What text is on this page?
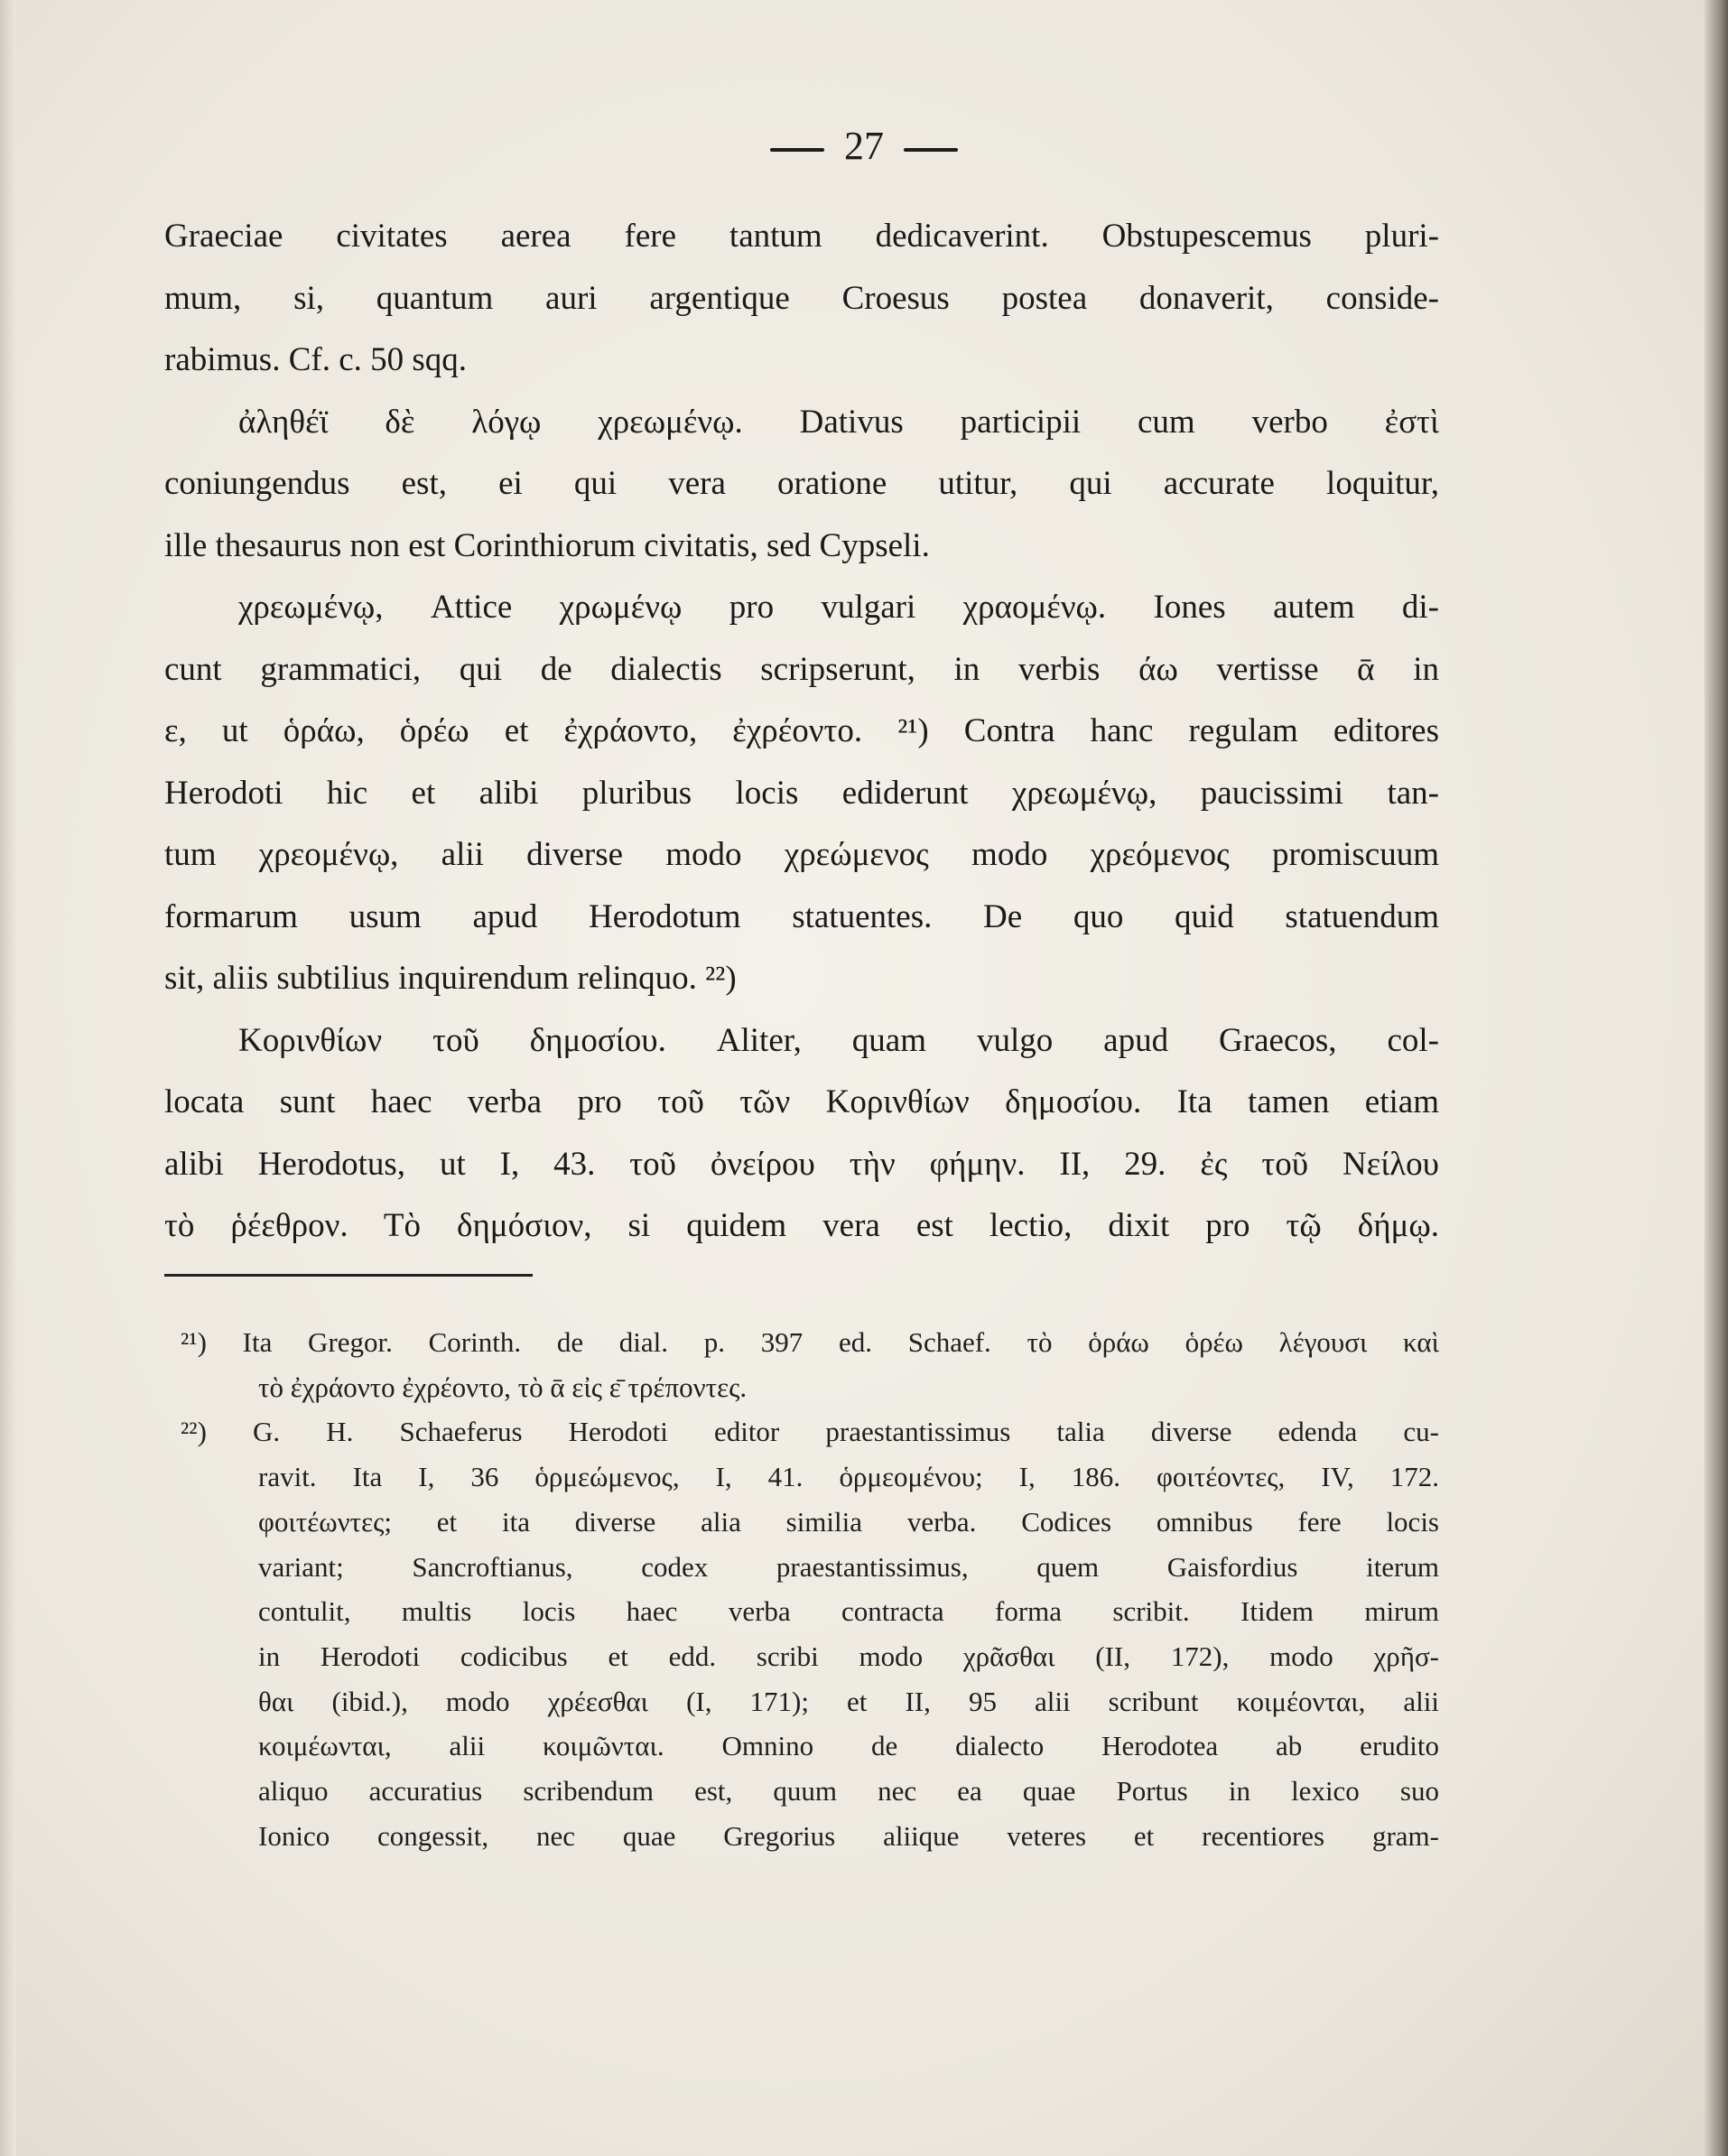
27
Graeciae civitates aerea fere tantum dedicaverint. Obstupescemus pluri-
mum, si, quantum auri argentique Croesus postea donaverit, conside-
rabimus. Cf. c. 50 sqq.
ἀληθέϊ δὲ λόγῳ χρεωμένῳ. Dativus participii cum verbo ἐστὶ
coniungendus est, ei qui vera oratione utitur, qui accurate loquitur,
ille thesaurus non est Corinthiorum civitatis, sed Cypseli.
χρεωμένῳ, Attice χρωμένῳ pro vulgari χραομένῳ. Iones autem di-
cunt grammatici, qui de dialectis scripserunt, in verbis άω vertisse ᾱ in
ε, ut ὁράω, ὁρέω et ἐχράοντο, ἐχρέοντο. ²¹) Contra hanc regulam editores
Herodoti hic et alibi pluribus locis ediderunt χρεωμένῳ, paucissimi tan-
tum χρεομένῳ, alii diverse modo χρεώμενος modo χρεόμενος promiscuum
formarum usum apud Herodotum statuentes. De quo quid statuendum
sit, aliis subtilius inquirendum relinquo. ²²)
Κορινθίων τοῦ δημοσίου. Aliter, quam vulgo apud Graecos, col-
locata sunt haec verba pro τοῦ τῶν Κορινθίων δημοσίου. Ita tamen etiam
alibi Herodotus, ut I, 43. τοῦ ὀνείρου τὴν φήμην. II, 29. ἐς τοῦ Νείλου
τὸ ῥέεθρον. Τὸ δημόσιον, si quidem vera est lectio, dixit pro τῷ δήμῳ.
²¹) Ita Gregor. Corinth. de dial. p. 397 ed. Schaef. τὸ ὁράω ὁρέω λέγουσι καὶ
τὸ ἐχράοντο ἐχρέοντο, τὸ ᾱ εἰς ε̄ τρέποντες.
²²) G. H. Schaeferus Herodoti editor praestantissimus talia diverse edenda cu-
ravit. Ita I, 36 ὁρμεώμενος, I, 41. ὁρμεομένου; I, 186. φοιτέοντες, IV, 172.
φοιτέωντες; et ita diverse alia similia verba. Codices omnibus fere locis
variant; Sancroftianus, codex praestantissimus, quem Gaisfordius iterum
contulit, multis locis haec verba contracta forma scribit. Itidem mirum
in Herodoti codicibus et edd. scribi modo χρᾶσθαι (II, 172), modo χρῆσ-
θαι (ibid.), modo χρέεσθαι (I, 171); et II, 95 alii scribunt κοιμέονται, alii
κοιμέωνται, alii κοιμῶνται. Omnino de dialecto Herodotea ab erudito
aliquo accuratius scribendum est, quum nec ea quae Portus in lexico suo
Ionico congessit, nec quae Gregorius aliique veteres et recentiores gram-
